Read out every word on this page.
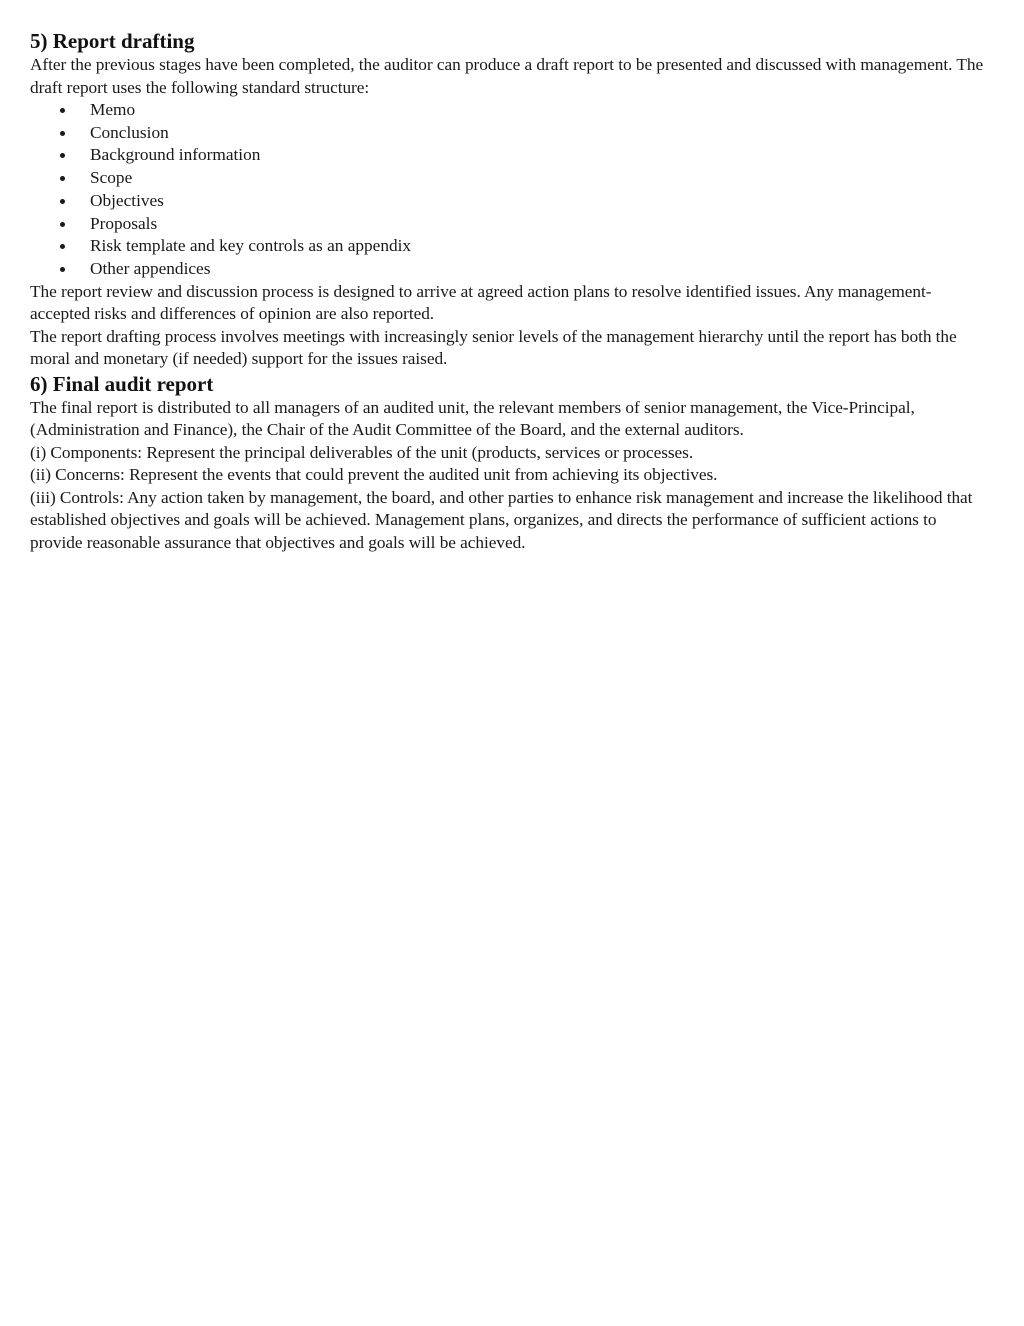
5) Report drafting

After the previous stages have been completed, the auditor can produce a draft report to be presented and discussed with management. The draft report uses the following standard structure:

Memo
Conclusion
Background information
Scope
Objectives
Proposals
Risk template and key controls as an appendix
Other appendices

The report review and discussion process is designed to arrive at agreed action plans to resolve identified issues. Any management-accepted risks and differences of opinion are also reported.

The report drafting process involves meetings with increasingly senior levels of the management hierarchy until the report has both the moral and monetary (if needed) support for the issues raised.

6) Final audit report

The final report is distributed to all managers of an audited unit, the relevant members of senior management, the Vice-Principal, (Administration and Finance), the Chair of the Audit Committee of the Board, and the external auditors.

(i) Components: Represent the principal deliverables of the unit (products, services or processes.

(ii) Concerns: Represent the events that could prevent the audited unit from achieving its objectives.

(iii) Controls: Any action taken by management, the board, and other parties to enhance risk management and increase the likelihood that established objectives and goals will be achieved. Management plans, organizes, and directs the performance of sufficient actions to provide reasonable assurance that objectives and goals will be achieved.
